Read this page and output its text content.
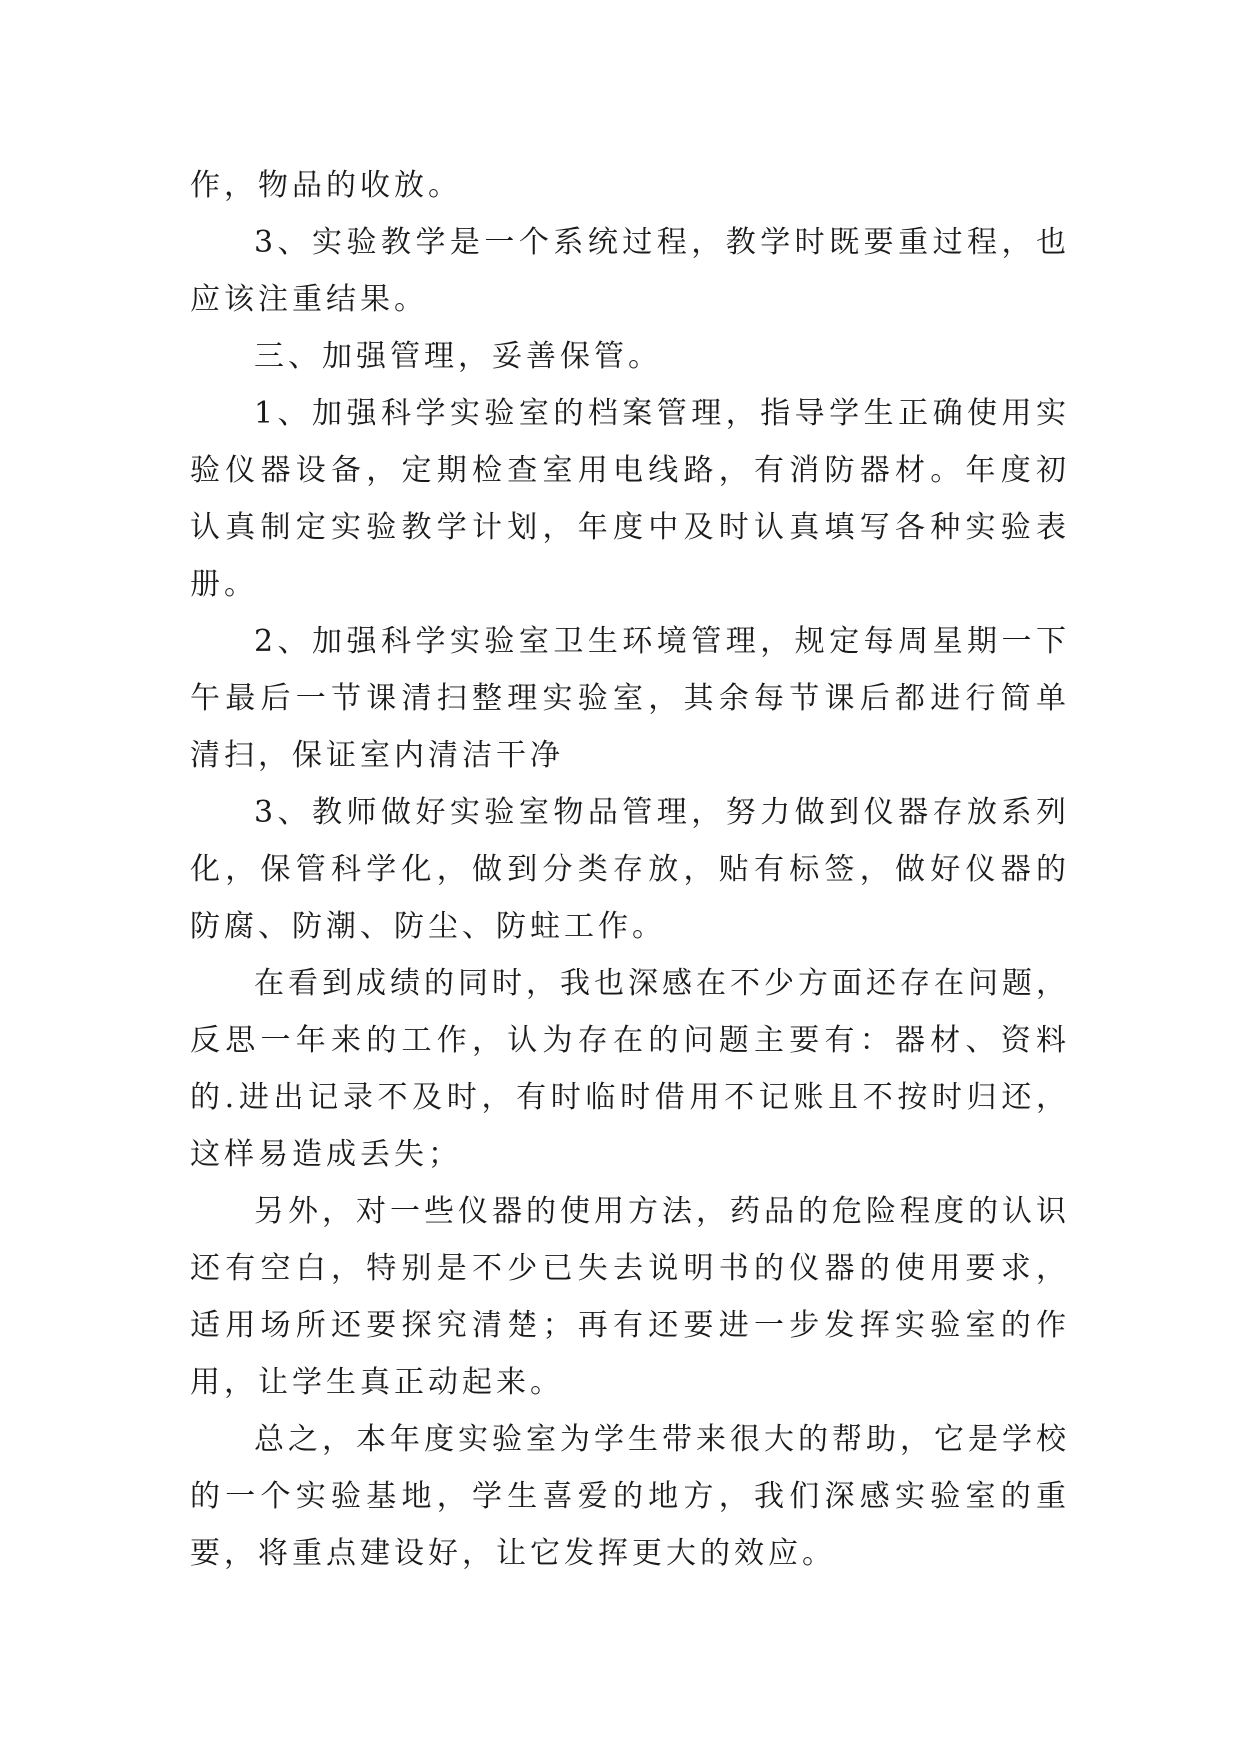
作，物品的收放。

3、实验教学是一个系统过程，教学时既要重过程，也应该注重结果。

三、加强管理，妥善保管。

1、加强科学实验室的档案管理，指导学生正确使用实验仪器设备，定期检查室用电线路，有消防器材。年度初认真制定实验教学计划，年度中及时认真填写各种实验表册。

2、加强科学实验室卫生环境管理，规定每周星期一下午最后一节课清扫整理实验室，其余每节课后都进行简单清扫，保证室内清洁干净

3、教师做好实验室物品管理，努力做到仪器存放系列化，保管科学化，做到分类存放，贴有标签，做好仪器的防腐、防潮、防尘、防蛀工作。

在看到成绩的同时，我也深感在不少方面还存在问题，反思一年来的工作，认为存在的问题主要有：器材、资料的.进出记录不及时，有时临时借用不记账且不按时归还，这样易造成丢失；

另外，对一些仪器的使用方法，药品的危险程度的认识还有空白，特别是不少已失去说明书的仪器的使用要求，适用场所还要探究清楚；再有还要进一步发挥实验室的作用，让学生真正动起来。

总之，本年度实验室为学生带来很大的帮助，它是学校的一个实验基地，学生喜爱的地方，我们深感实验室的重要，将重点建设好，让它发挥更大的效应。
